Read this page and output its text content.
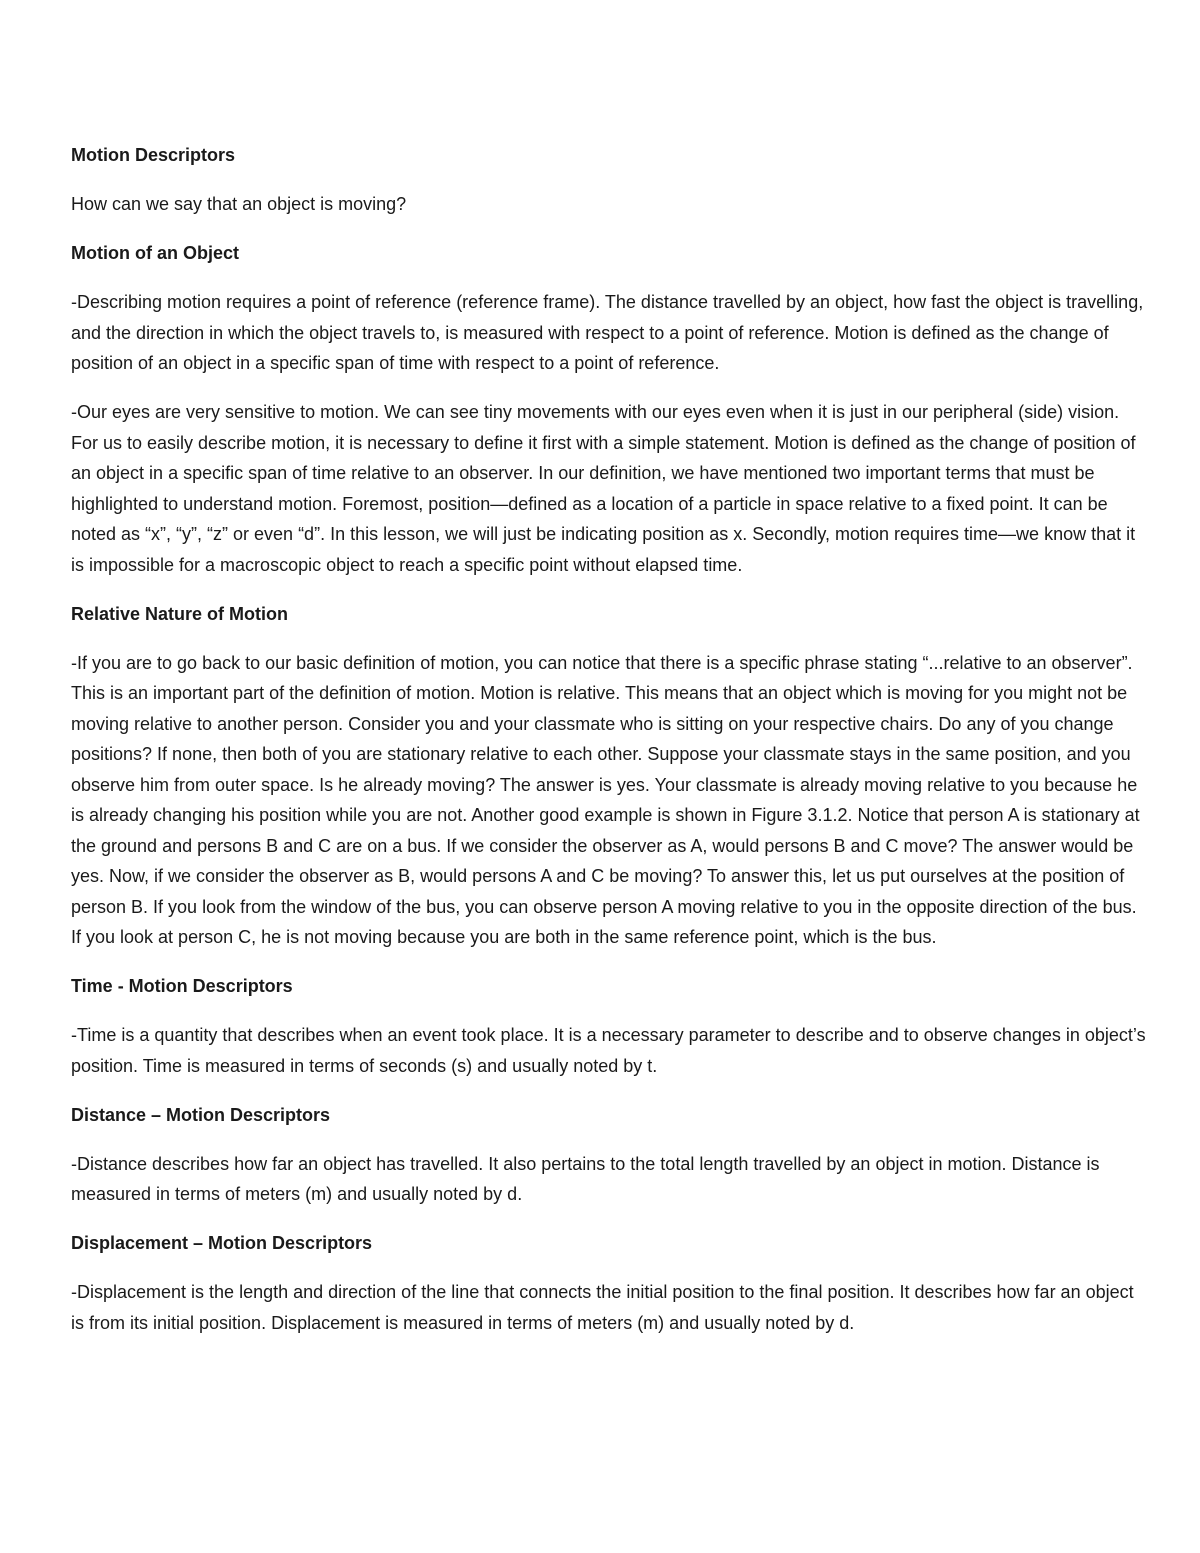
Motion Descriptors

How can we say that an object is moving?

Motion of an Object

-Describing motion requires a point of reference (reference frame). The distance travelled by an object, how fast the object is travelling, and the direction in which the object travels to, is measured with respect to a point of reference. Motion is defined as the change of position of an object in a specific span of time with respect to a point of reference.

-Our eyes are very sensitive to motion. We can see tiny movements with our eyes even when it is just in our peripheral (side) vision. For us to easily describe motion, it is necessary to define it first with a simple statement. Motion is defined as the change of position of an object in a specific span of time relative to an observer. In our definition, we have mentioned two important terms that must be highlighted to understand motion. Foremost, position—defined as a location of a particle in space relative to a fixed point. It can be noted as “x”, “y”, “z” or even “d”. In this lesson, we will just be indicating position as x. Secondly, motion requires time—we know that it is impossible for a macroscopic object to reach a specific point without elapsed time.

Relative Nature of Motion

-If you are to go back to our basic definition of motion, you can notice that there is a specific phrase stating “...relative to an observer”. This is an important part of the definition of motion. Motion is relative. This means that an object which is moving for you might not be moving relative to another person. Consider you and your classmate who is sitting on your respective chairs. Do any of you change positions? If none, then both of you are stationary relative to each other. Suppose your classmate stays in the same position, and you observe him from outer space. Is he already moving? The answer is yes. Your classmate is already moving relative to you because he is already changing his position while you are not. Another good example is shown in Figure 3.1.2. Notice that person A is stationary at the ground and persons B and C are on a bus. If we consider the observer as A, would persons B and C move? The answer would be yes. Now, if we consider the observer as B, would persons A and C be moving? To answer this, let us put ourselves at the position of person B. If you look from the window of the bus, you can observe person A moving relative to you in the opposite direction of the bus. If you look at person C, he is not moving because you are both in the same reference point, which is the bus.

Time - Motion Descriptors

-Time is a quantity that describes when an event took place. It is a necessary parameter to describe and to observe changes in object’s position. Time is measured in terms of seconds (s) and usually noted by t.

Distance – Motion Descriptors

-Distance describes how far an object has travelled. It also pertains to the total length travelled by an object in motion. Distance is measured in terms of meters (m) and usually noted by d.

Displacement – Motion Descriptors

-Displacement is the length and direction of the line that connects the initial position to the final position. It describes how far an object is from its initial position. Displacement is measured in terms of meters (m) and usually noted by d.
